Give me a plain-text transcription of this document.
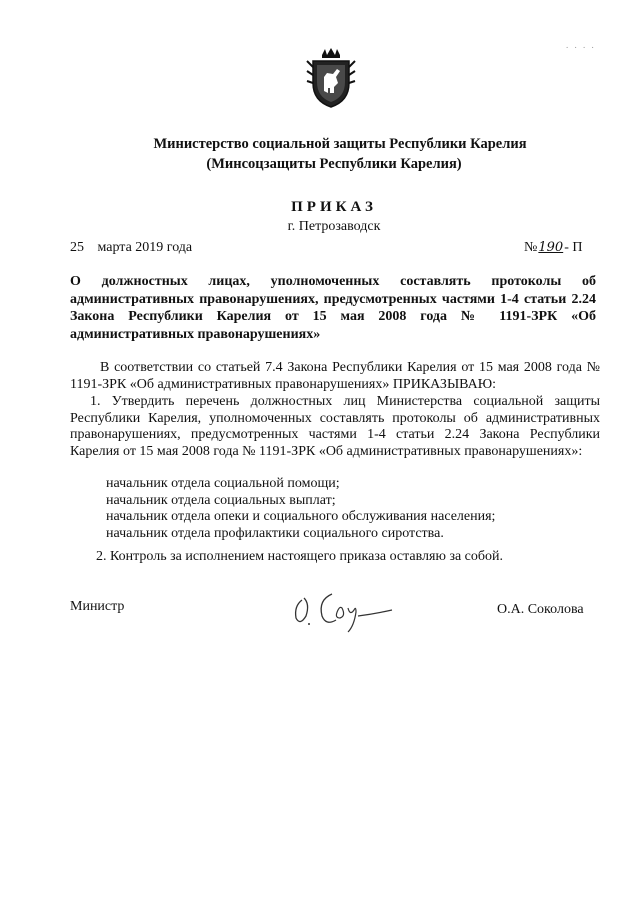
. . . .
Министерство социальной защиты Республики Карелия
(Минсоцзащиты Республики Карелия)
ПРИКАЗ
г. Петрозаводск
25 марта 2019 года	№190- П
О должностных лицах, уполномоченных составлять протоколы об административных правонарушениях, предусмотренных частями 1-4 статьи 2.24 Закона Республики Карелия от 15 мая 2008 года № 1191-ЗРК «Об административных правонарушениях»
В соответствии со статьей 7.4 Закона Республики Карелия от 15 мая 2008 года № 1191-ЗРК «Об административных правонарушениях» ПРИКАЗЫВАЮ:
1. Утвердить перечень должностных лиц Министерства социальной защиты Республики Карелия, уполномоченных составлять протоколы об административных правонарушениях, предусмотренных частями 1-4 статьи 2.24 Закона Республики Карелия от 15 мая 2008 года № 1191-ЗРК «Об административных правонарушениях»:
начальник отдела социальной помощи;
начальник отдела социальных выплат;
начальник отдела опеки и социального обслуживания населения;
начальник отдела профилактики социального сиротства.
2. Контроль за исполнением настоящего приказа оставляю за собой.
Министр	О.А. Соколова
